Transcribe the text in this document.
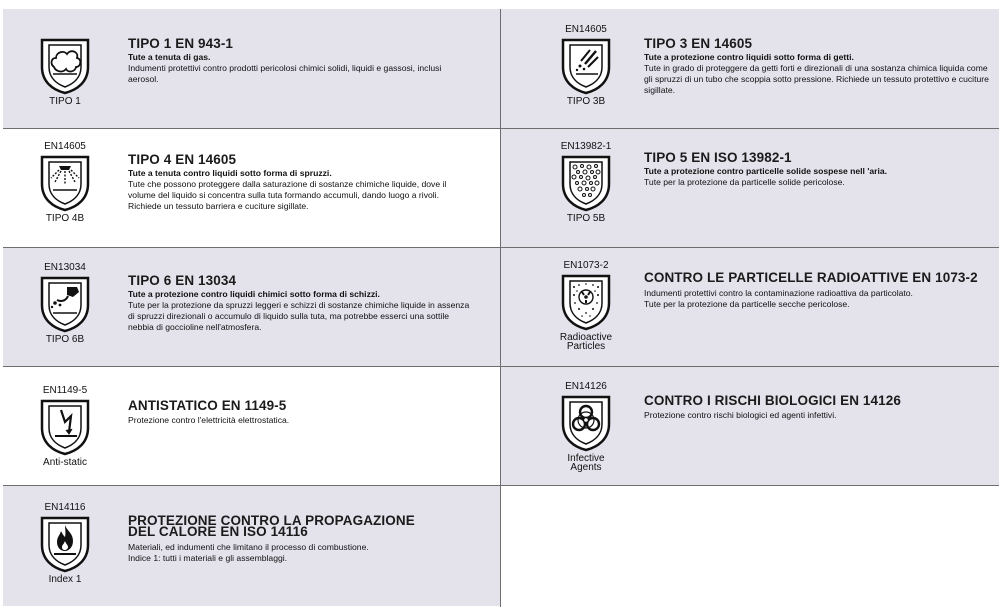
TIPO 1
TIPO 1 EN 943-1
Tute a tenuta di gas.
Indumenti protettivi contro prodotti pericolosi chimici solidi, liquidi e gassosi, inclusi aerosol.
EN14605
TIPO 3B
TIPO 3 EN 14605
Tute a protezione contro liquidi sotto forma di getti.
Tute in grado di proteggere da getti forti e direzionali di una sostanza chimica liquida come gli spruzzi di un tubo che scoppia sotto pressione. Richiede un tessuto protettivo e cuciture sigillate.
EN14605
TIPO 4B
TIPO 4 EN 14605
Tute a tenuta contro liquidi sotto forma di spruzzi.
Tute che possono proteggere dalla saturazione di sostanze chimiche liquide, dove il volume del liquido si concentra sulla tuta formando accumuli, dando luogo a rivoli. Richiede un tessuto barriera e cuciture sigillate.
EN13982-1
TIPO 5B
TIPO 5 EN ISO 13982-1
Tute a protezione contro particelle solide sospese nell 'aria.
Tute per la protezione da particelle solide pericolose.
EN13034
TIPO 6B
TIPO 6 EN 13034
Tute a protezione contro liquidi chimici sotto forma di schizzi.
Tute per la protezione da spruzzi leggeri e schizzi di sostanze chimiche liquide in assenza di spruzzi direzionali o accumulo di liquido sulla tuta, ma potrebbe esserci una sottile nebbia di goccioline nell'atmosfera.
EN1073-2
Radioactive
Particles
CONTRO LE PARTICELLE RADIOATTIVE EN 1073-2
Indumenti protettivi contro la contaminazione radioattiva da particolato.
Tute per la protezione da particelle secche pericolose.
EN1149-5
Anti-static
ANTISTATICO EN 1149-5
Protezione contro l'elettricità elettrostatica.
EN14126
Infective
Agents
CONTRO I RISCHI BIOLOGICI EN 14126
Protezione contro rischi biologici ed agenti infettivi.
EN14116
Index 1
PROTEZIONE CONTRO LA PROPAGAZIONE
DEL CALORE EN ISO 14116
Materiali, ed indumenti che limitano il processo di combustione.
Indice 1: tutti i materiali e gli assemblaggi.
